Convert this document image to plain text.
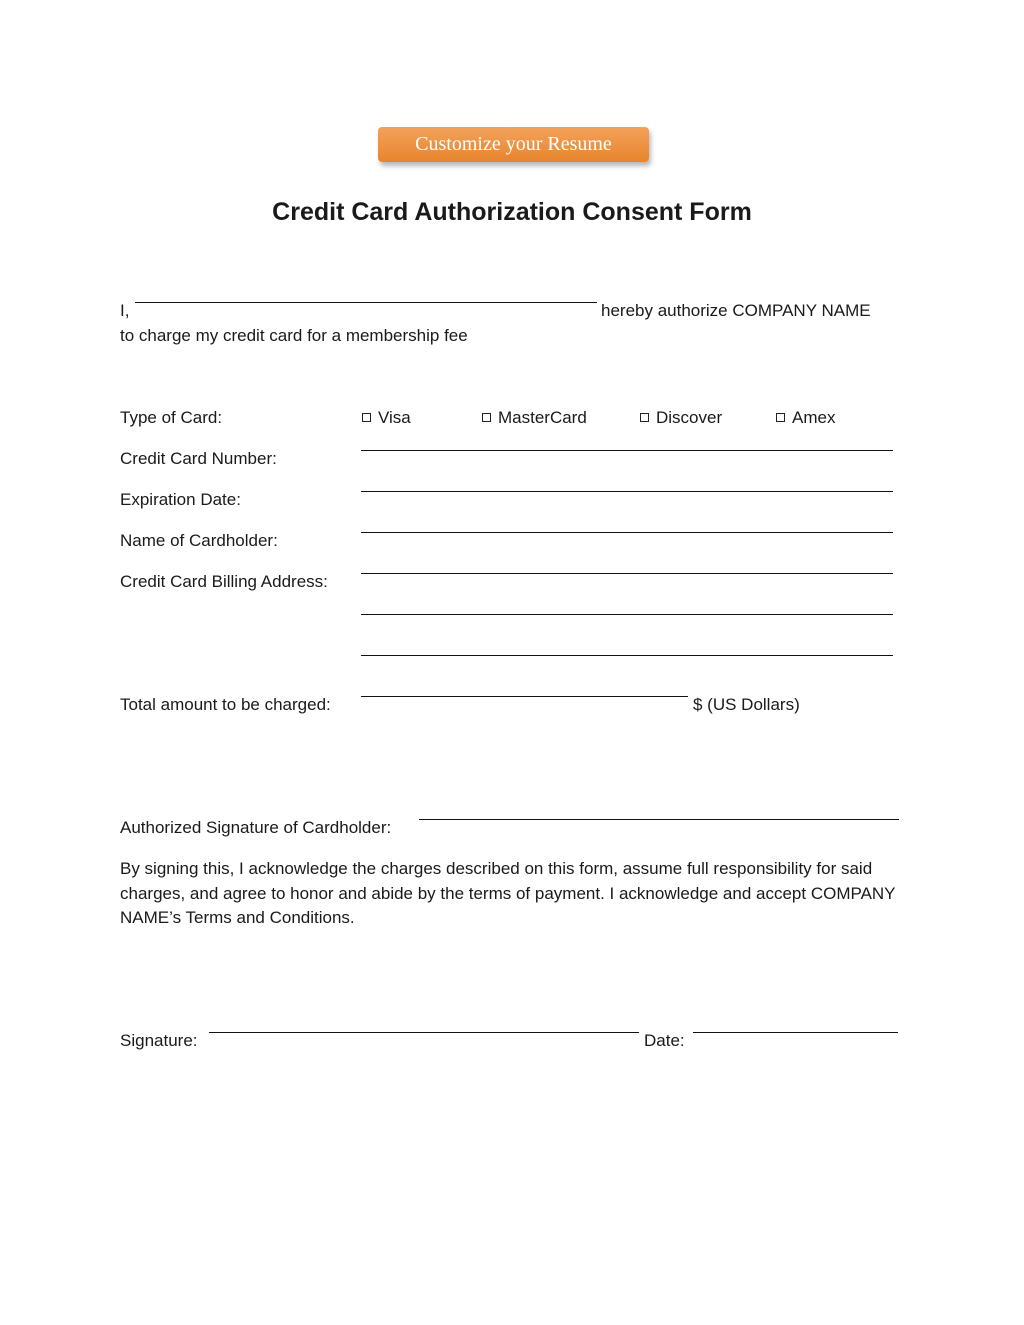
Customize your Resume
Credit Card Authorization Consent Form
I,	hereby authorize COMPANY NAME
to charge my credit card for a membership fee
Type of Card:	Visa	MasterCard	Discover	Amex
Credit Card Number:
Expiration Date:
Name of Cardholder:
Credit Card Billing Address:
Total amount to be charged:	$ (US Dollars)
Authorized Signature of Cardholder:
By signing this, I acknowledge the charges described on this form, assume full responsibility for said charges, and agree to honor and abide by the terms of payment. I acknowledge and accept COMPANY NAME’s Terms and Conditions.
Signature:	Date:
